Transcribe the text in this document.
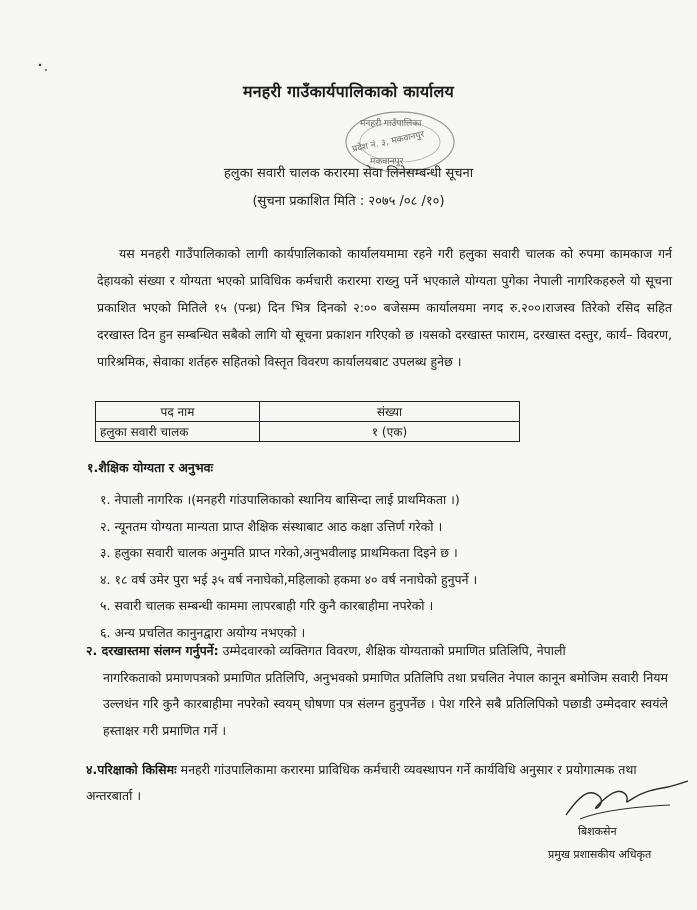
मनहरी गाउँकार्यपालिकाको कार्यालय
मनहरी गाउँपालिका
प्रदेश नं. ३, मकवानपुर
मकवानपुर
हलुका सवारी चालक करारमा सेवा लिनेसम्बन्धी सूचना
(सुचना प्रकाशित मिति : २०७५ /०८ /१०)
यस मनहरी गाउँपालिकाको लागी कार्यपालिकाको कार्यालयमामा रहने गरी हलुका सवारी चालक को रुपमा कामकाज गर्न देहायको संख्या र योग्यता भएको प्राविधिक कर्मचारी करारमा राख्नु पर्ने भएकाले योग्यता पुगेका नेपाली नागरिकहरुले यो सूचना प्रकाशित भएको मितिले १५ (पन्ध्र) दिन भित्र दिनको २:०० बजेसम्म कार्यालयमा नगद रु.२००।राजस्व तिरेको रसिद सहित दरखास्त दिन हुन सम्बन्धित सबैको लागि यो सूचना प्रकाशन गरिएको छ ।यसको दरखास्त फाराम, दरखास्त दस्तुर, कार्य– विवरण, पारिश्रमिक, सेवाका शर्तहरु सहितको विस्तृत विवरण कार्यालयबाट उपलब्ध हुनेछ ।
पद नाम	संख्या
हलुका सवारी चालक	१ (एक)
१.शैक्षिक योग्यता र अनुभवः
१. नेपाली नागरिक ।(मनहरी गांउपालिकाको स्थानिय बासिन्दा लाई प्राथमिकता ।)
२. न्यूनतम योग्यता मान्यता प्राप्त शैक्षिक संस्थाबाट आठ कक्षा उत्तिर्ण गरेको ।
३. हलुका सवारी चालक अनुमति प्राप्त गरेको,अनुभवीलाइ प्राथमिकता दिइने छ ।
४. १८ वर्ष उमेर पुरा भई ३५ वर्ष ननाघेको,महिलाको हकमा ४० वर्ष ननाघेको हुनुपर्ने ।
५. सवारी चालक सम्बन्धी काममा लापरबाही गरि कुनै कारबाहीमा नपरेको ।
६. अन्य प्रचलित कानुनद्वारा अयोग्य नभएको ।
२. दरखास्तमा संलग्न गर्नुपर्ने: उम्मेदवारको व्यक्तिगत विवरण, शैक्षिक योग्यताको प्रमाणित प्रतिलिपि, नेपाली
नागरिकताको प्रमाणपत्रको प्रमाणित प्रतिलिपि, अनुभवको प्रमाणित प्रतिलिपि तथा प्रचलित नेपाल कानून बमोजिम सवारी नियम उल्लधंन गरि कुनै कारबाहीमा नपरेको स्वयम् घोषणा पत्र संलग्न हुनुपर्नेछ । पेश गरिने सबै प्रतिलिपिको पछाडी उम्मेदवार स्वयंले हस्ताक्षर गरी प्रमाणित गर्ने ।
४.परिक्षाको किसिमः मनहरी गांउपालिकामा करारमा प्राविधिक कर्मचारी व्यवस्थापन गर्ने कार्यविधि अनुसार र प्रयोगात्मक तथा अन्तरबार्ता ।
बिशकसेन
प्रमुख प्रशासकीय अधिकृत
